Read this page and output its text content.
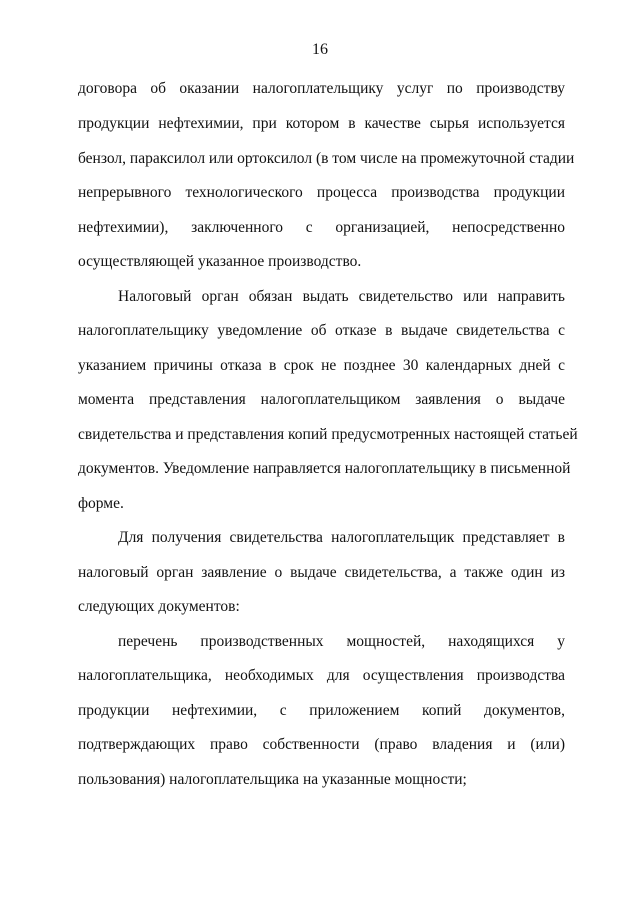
16
договора об оказании налогоплательщику услуг по производству
продукции нефтехимии, при котором в качестве сырья используется
бензол, параксилол или ортоксилол (в том числе на промежуточной стадии
непрерывного технологического процесса производства продукции
нефтехимии), заключенного с организацией, непосредственно
осуществляющей указанное производство.
Налоговый орган обязан выдать свидетельство или направить
налогоплательщику уведомление об отказе в выдаче свидетельства с
указанием причины отказа в срок не позднее 30 календарных дней с
момента представления налогоплательщиком заявления о выдаче
свидетельства и представления копий предусмотренных настоящей статьей
документов. Уведомление направляется налогоплательщику в письменной
форме.
Для получения свидетельства налогоплательщик представляет в
налоговый орган заявление о выдаче свидетельства, а также один из
следующих документов:
перечень производственных мощностей, находящихся у
налогоплательщика, необходимых для осуществления производства
продукции нефтехимии, с приложением копий документов,
подтверждающих право собственности (право владения и (или)
пользования) налогоплательщика на указанные мощности;
